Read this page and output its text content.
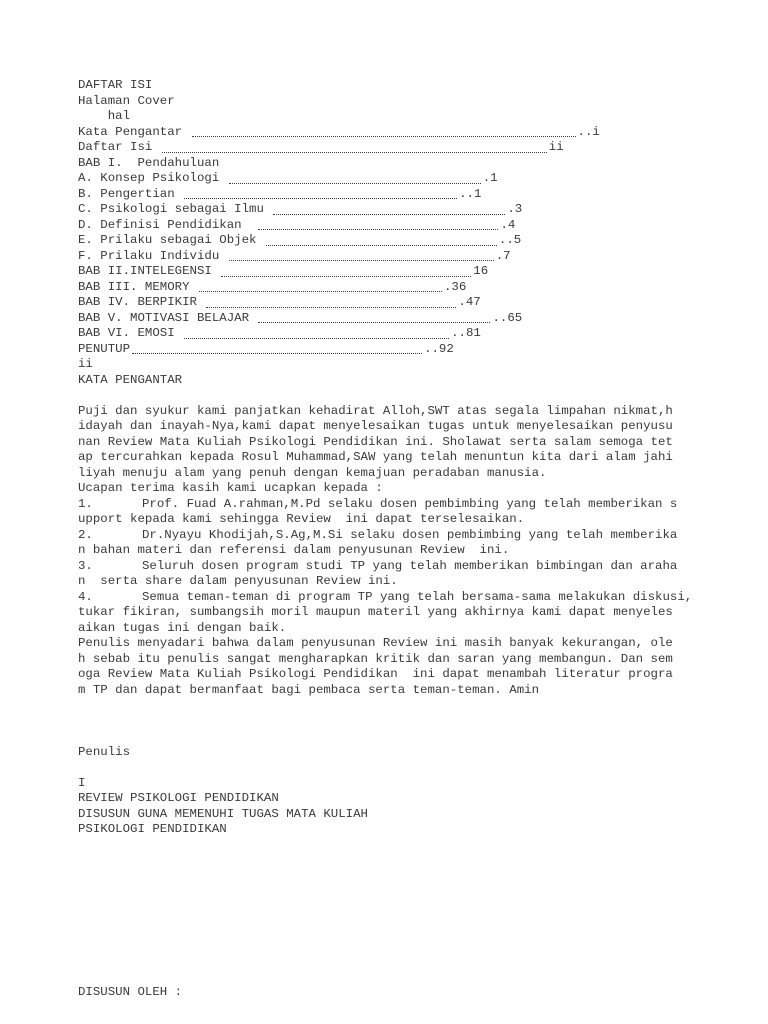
DAFTAR ISI
Halaman Cover
hal
Kata Pengantar	..i
Daftar Isi	ii
BAB I.  Pendahuluan
A. Konsep Psikologi	.1
B. Pengertian	..1
C. Psikologi sebagai Ilmu	.3
D. Definisi Pendidikan	.4
E. Prilaku sebagai Objek	..5
F. Prilaku Individu	.7
BAB II.INTELEGENSI	16
BAB III. MEMORY	.36
BAB IV. BERPIKIR	.47
BAB V. MOTIVASI BELAJAR	..65
BAB VI. EMOSI	..81
PENUTUP	..92
ii
KATA PENGANTAR
Puji dan syukur kami panjatkan kehadirat Alloh,SWT atas segala limpahan nikmat,h
idayah dan inayah-Nya,kami dapat menyelesaikan tugas untuk menyelesaikan penyusu
nan Review Mata Kuliah Psikologi Pendidikan ini. Sholawat serta salam semoga tet
ap tercurahkan kepada Rosul Muhammad,SAW yang telah menuntun kita dari alam jahi
liyah menuju alam yang penuh dengan kemajuan peradaban manusia.
Ucapan terima kasih kami ucapkan kepada :
1.	Prof. Fuad A.rahman,M.Pd selaku dosen pembimbing yang telah memberikan s
upport kepada kami sehingga Review  ini dapat terselesaikan.
2.	Dr.Nyayu Khodijah,S.Ag,M.Si selaku dosen pembimbing yang telah memberika
n bahan materi dan referensi dalam penyusunan Review  ini.
3.	Seluruh dosen program studi TP yang telah memberikan bimbingan dan araha
n  serta share dalam penyusunan Review ini.
4.	Semua teman-teman di program TP yang telah bersama-sama melakukan diskusi,
tukar fikiran, sumbangsih moril maupun materil yang akhirnya kami dapat menyeles
aikan tugas ini dengan baik.
Penulis menyadari bahwa dalam penyusunan Review ini masih banyak kekurangan, ole
h sebab itu penulis sangat mengharapkan kritik dan saran yang membangun. Dan sem
oga Review Mata Kuliah Psikologi Pendidikan  ini dapat menambah literatur progra
m TP dan dapat bermanfaat bagi pembaca serta teman-teman. Amin
Penulis
I
REVIEW PSIKOLOGI PENDIDIKAN
DISUSUN GUNA MEMENUHI TUGAS MATA KULIAH
PSIKOLOGI PENDIDIKAN
DISUSUN OLEH :
